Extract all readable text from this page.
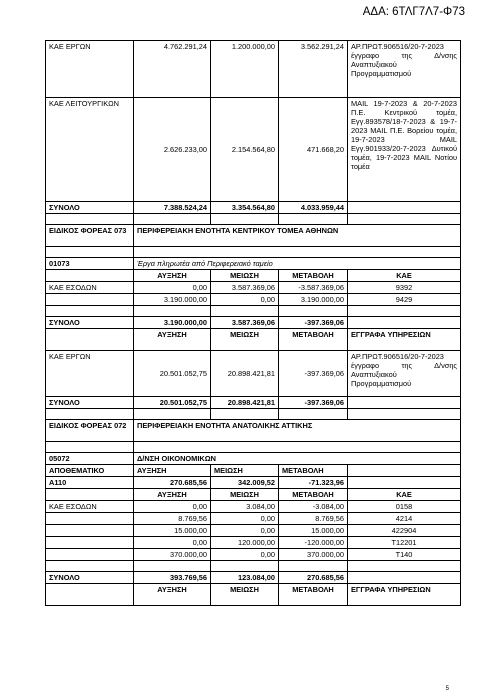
ΑΔΑ: 6ΤΛΓ7Λ7-Φ73
ΚΑΕ ΕΡΓΩΝ	4.762.291,24	1.200.000,00	3.562.291,24	ΑΡ.ΠΡΩΤ.906516/20-7-2023 έγγραφο της Δ/νσης Αναπτυξιακού Προγραμματισμού
ΚΑΕ ΛΕΙΤΟΥΡΓΙΚΩΝ	2.626.233,00	2.154.564,80	471.668,20	MAIL 19-7-2023 & 20-7-2023 Π.Ε. Κεντρικού τομέα, Εγγ.893578/18-7-2023 & 19-7-2023 MAIL Π.Ε. Βορείου τομέα, 19-7-2023 MAIL Εγγ.901933/20-7-2023 Δυτικού τομέα, 19-7-2023 MAIL Νοτίου τομέα
ΣΥΝΟΛΟ	7.388.524,24	3.354.564,80	4.033.959,44	

ΕΙΔΙΚΟΣ ΦΟΡΕΑΣ 073	ΠΕΡΙΦΕΡΕΙΑΚΗ ΕΝΟΤΗΤΑ ΚΕΝΤΡΙΚΟΥ ΤΟΜΕΑ ΑΘΗΝΩΝ			

01073	Έργα πληρωτέα από Περιφερειακό ταμείο			
	ΑΥΞΗΣΗ	ΜΕΙΩΣΗ	ΜΕΤΑΒΟΛΗ	ΚΑΕ
ΚΑΕ ΕΣΟΔΩΝ	0,00	3.587.369,06	-3.587.369,06	9392
	3.190.000,00	0,00	3.190.000,00	9429

ΣΥΝΟΛΟ	3.190.000,00	3.587.369,06	-397.369,06	
	ΑΥΞΗΣΗ	ΜΕΙΩΣΗ	ΜΕΤΑΒΟΛΗ	ΕΓΓΡΑΦΑ ΥΠΗΡΕΣΙΩΝ
ΚΑΕ ΕΡΓΩΝ	20.501.052,75	20.898.421,81	-397.369,06	ΑΡ.ΠΡΩΤ.906516/20-7-2023 έγγραφο της Δ/νσης Αναπτυξιακού Προγραμματισμού
ΣΥΝΟΛΟ	20.501.052,75	20.898.421,81	-397.369,06	

ΕΙΔΙΚΟΣ ΦΟΡΕΑΣ 072	ΠΕΡΙΦΕΡΕΙΑΚΗ ΕΝΟΤΗΤΑ ΑΝΑΤΟΛΙΚΗΣ ΑΤΤΙΚΗΣ			

05072	Δ/ΝΣΗ ΟΙΚΟΝΟΜΙΚΩΝ			
ΑΠΟΘΕΜΑΤΙΚΟ	ΑΥΞΗΣΗ	ΜΕΙΩΣΗ	ΜΕΤΑΒΟΛΗ	
Α110	270.685,56	342.009,52	-71.323,96	
	ΑΥΞΗΣΗ	ΜΕΙΩΣΗ	ΜΕΤΑΒΟΛΗ	ΚΑΕ
ΚΑΕ ΕΣΟΔΩΝ	0,00	3.084,00	-3.084,00	0158
	8.769,56	0,00	8.769,56	4214
	15.000,00	0,00	15.000,00	422904
	0,00	120.000,00	-120.000,00	Τ12201
	370.000,00	0,00	370.000,00	Τ140

ΣΥΝΟΛΟ	393.769,56	123.084,00	270.685,56	
	ΑΥΞΗΣΗ	ΜΕΙΩΣΗ	ΜΕΤΑΒΟΛΗ	ΕΓΓΡΑΦΑ ΥΠΗΡΕΣΙΩΝ
5
